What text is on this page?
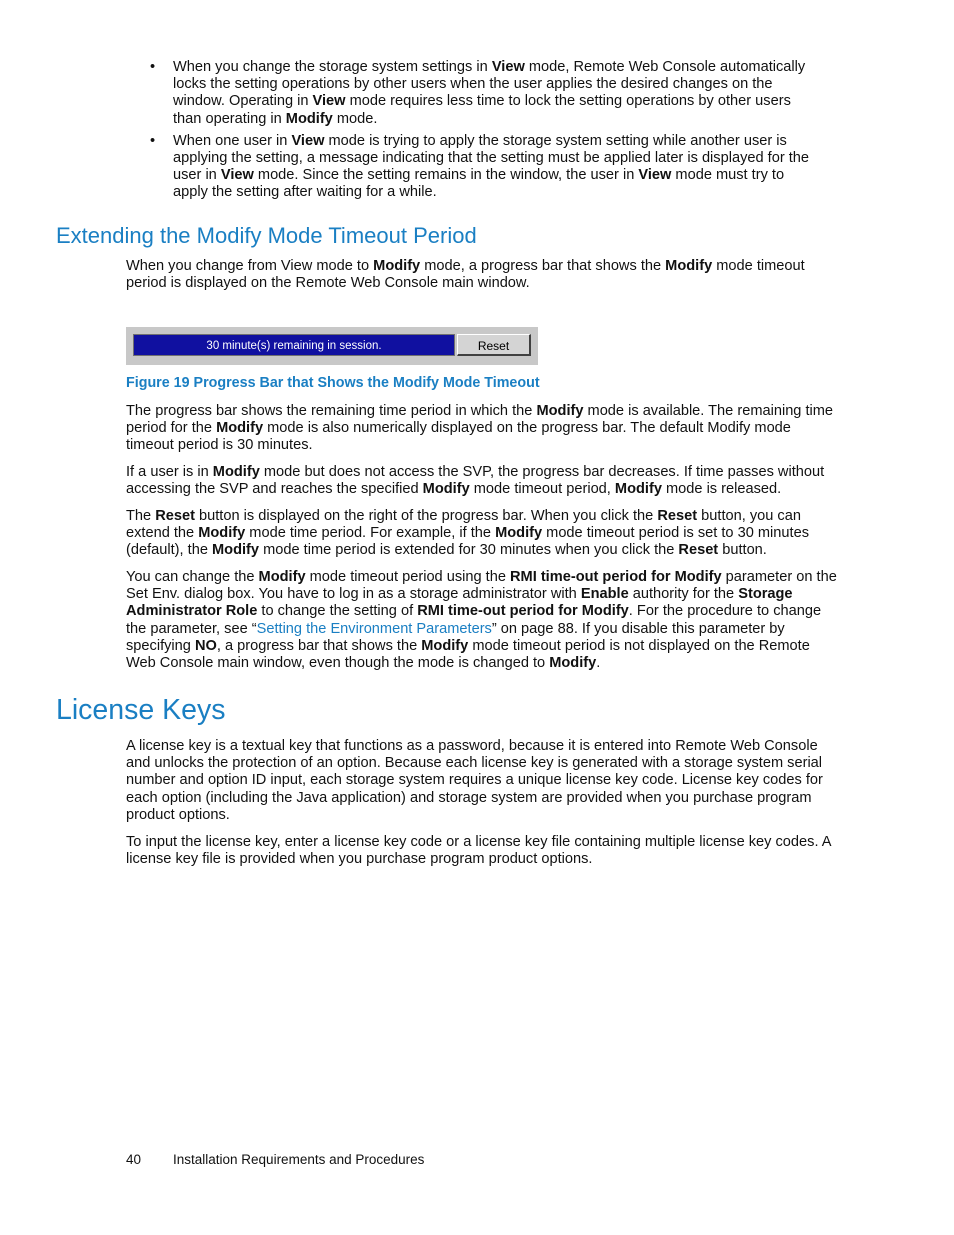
• When you change the storage system settings in View mode, Remote Web Console automatically locks the setting operations by other users when the user applies the desired changes on the window. Operating in View mode requires less time to lock the setting operations by other users than operating in Modify mode.
• When one user in View mode is trying to apply the storage system setting while another user is applying the setting, a message indicating that the setting must be applied later is displayed for the user in View mode. Since the setting remains in the window, the user in View mode must try to apply the setting after waiting for a while.
Extending the Modify Mode Timeout Period

When you change from View mode to Modify mode, a progress bar that shows the Modify mode timeout period is displayed on the Remote Web Console main window.

30 minute(s) remaining in session.	Reset
Figure 19 Progress Bar that Shows the Modify Mode Timeout

The progress bar shows the remaining time period in which the Modify mode is available. The remaining time period for the Modify mode is also numerically displayed on the progress bar. The default Modify mode timeout period is 30 minutes.

If a user is in Modify mode but does not access the SVP, the progress bar decreases. If time passes without accessing the SVP and reaches the specified Modify mode timeout period, Modify mode is released.

The Reset button is displayed on the right of the progress bar. When you click the Reset button, you can extend the Modify mode time period. For example, if the Modify mode timeout period is set to 30 minutes (default), the Modify mode time period is extended for 30 minutes when you click the Reset button.

You can change the Modify mode timeout period using the RMI time-out period for Modify parameter on the Set Env. dialog box. You have to log in as a storage administrator with Enable authority for the Storage Administrator Role to change the setting of RMI time-out period for Modify. For the procedure to change the parameter, see “Setting the Environment Parameters” on page 88. If you disable this parameter by specifying NO, a progress bar that shows the Modify mode timeout period is not displayed on the Remote Web Console main window, even though the mode is changed to Modify.

License Keys

A license key is a textual key that functions as a password, because it is entered into Remote Web Console and unlocks the protection of an option. Because each license key is generated with a storage system serial number and option ID input, each storage system requires a unique license key code. License key codes for each option (including the Java application) and storage system are provided when you purchase program product options.

To input the license key, enter a license key code or a license key file containing multiple license key codes. A license key file is provided when you purchase program product options.

40 Installation Requirements and Procedures
